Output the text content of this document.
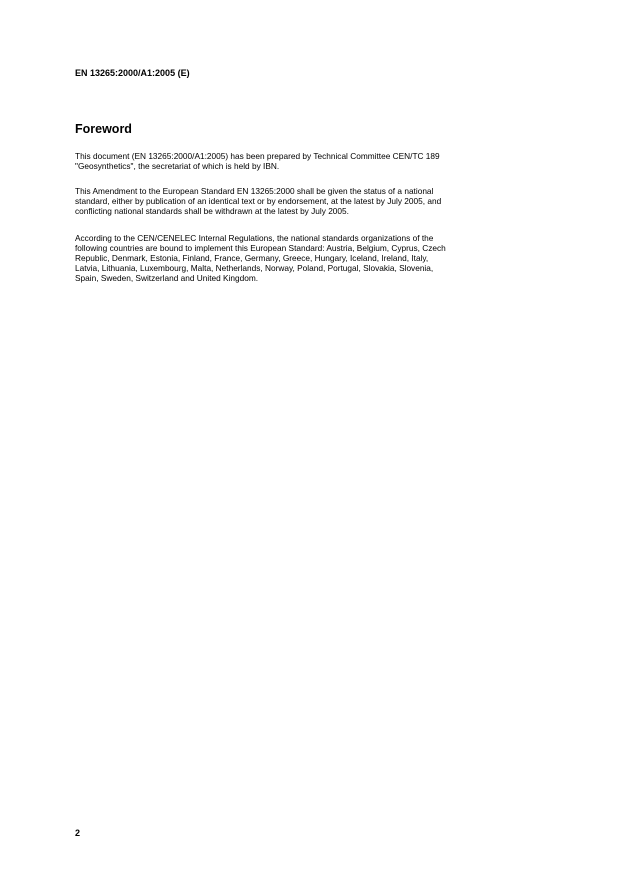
EN 13265:2000/A1:2005 (E)
Foreword
This document (EN 13265:2000/A1:2005) has been prepared by Technical Committee CEN/TC 189
"Geosynthetics", the secretariat of which is held by IBN.
This Amendment to the European Standard EN 13265:2000 shall be given the status of a national
standard, either by publication of an identical text or by endorsement, at the latest by July 2005, and
conflicting national standards shall be withdrawn at the latest by July 2005.
According to the CEN/CENELEC Internal Regulations, the national standards organizations of the
following countries are bound to implement this European Standard: Austria, Belgium, Cyprus, Czech
Republic, Denmark, Estonia, Finland, France, Germany, Greece, Hungary, Iceland, Ireland, Italy,
Latvia, Lithuania, Luxembourg, Malta, Netherlands, Norway, Poland, Portugal, Slovakia, Slovenia,
Spain, Sweden, Switzerland and United Kingdom.
2
